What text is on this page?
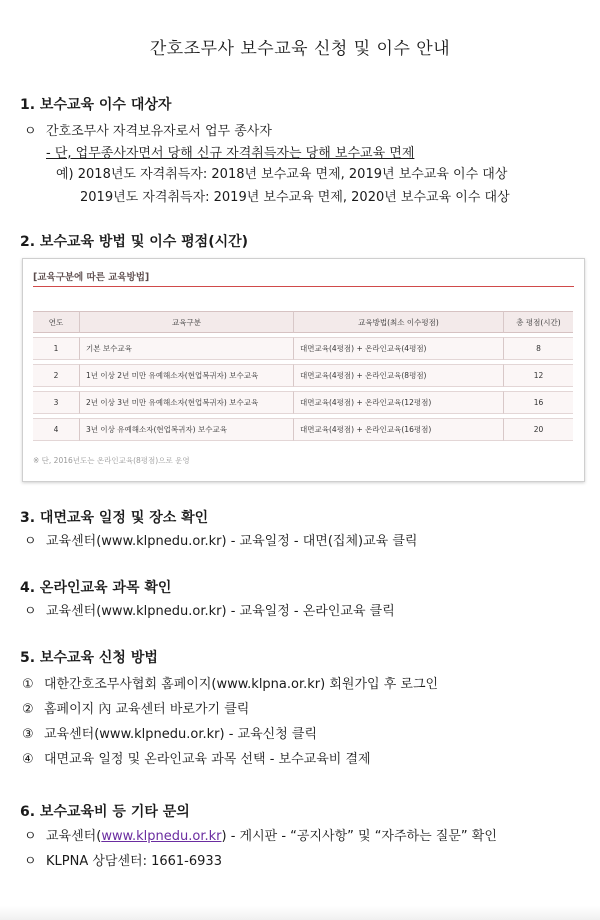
간호조무사 보수교육 신청 및 이수 안내
1. 보수교육 이수 대상자
ㅇ 간호조무사 자격보유자로서 업무 종사자
- 단, 업무종사자면서 당해 신규 자격취득자는 당해 보수교육 면제
예) 2018년도 자격취득자: 2018년 보수교육 면제, 2019년 보수교육 이수 대상
2019년도 자격취득자: 2019년 보수교육 면제, 2020년 보수교육 이수 대상
2. 보수교육 방법 및 이수 평점(시간)
[교육구분에 따른 교육방법]
연도	교육구분	교육방법(최소 이수평점)	총 평점(시간)
1	기본 보수교육	대면교육(4평점) + 온라인교육(4평점)	8
2	1년 이상 2년 미만 유예해소자(현업복귀자) 보수교육	대면교육(4평점) + 온라인교육(8평점)	12
3	2년 이상 3년 미만 유예해소자(현업복귀자) 보수교육	대면교육(4평점) + 온라인교육(12평점)	16
4	3년 이상 유예해소자(현업복귀자) 보수교육	대면교육(4평점) + 온라인교육(16평점)	20
※ 단, 2016년도는 온라인교육(8평점)으로 운영
3. 대면교육 일정 및 장소 확인
ㅇ 교육센터(www.klpnedu.or.kr) - 교육일정 - 대면(집체)교육 클릭
4. 온라인교육 과목 확인
ㅇ 교육센터(www.klpnedu.or.kr) - 교육일정 - 온라인교육 클릭
5. 보수교육 신청 방법
① 대한간호조무사협회 홈페이지(www.klpna.or.kr) 회원가입 후 로그인
② 홈페이지 內 교육센터 바로가기 클릭
③ 교육센터(www.klpnedu.or.kr) - 교육신청 클릭
④ 대면교육 일정 및 온라인교육 과목 선택 - 보수교육비 결제
6. 보수교육비 등 기타 문의
ㅇ 교육센터(www.klpnedu.or.kr) - 게시판 - “공지사항” 및 “자주하는 질문” 확인
ㅇ KLPNA 상담센터: 1661-6933
